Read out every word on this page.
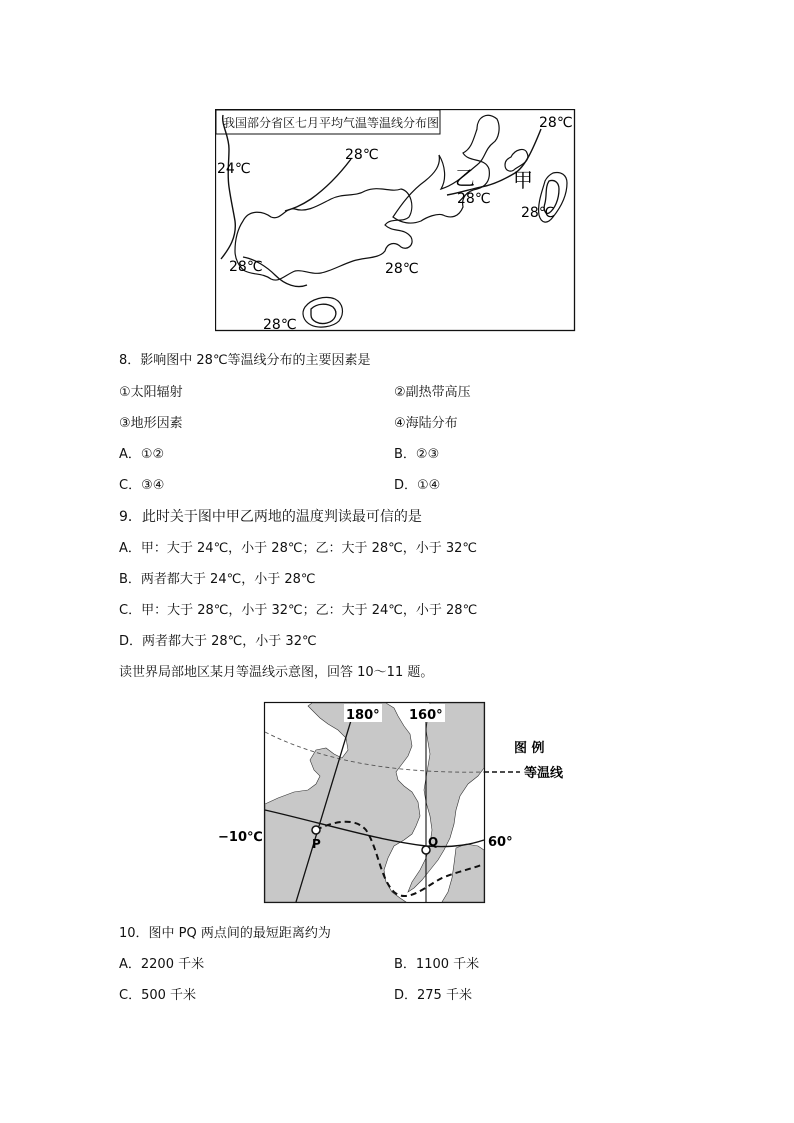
我国部分省区七月平均气温等温线分布图
24℃
28℃
28℃
28℃
28℃
28℃	28℃
28℃
乙 甲
8．影响图中 28℃等温线分布的主要因素是
①太阳辐射	②副热带高压
③地形因素	④海陆分布
A．①②	B．②③
C．③④	D．①④
9．此时关于图中甲乙两地的温度判读最可信的是
A．甲：大于 24℃，小于 28℃；乙：大于 28℃，小于 32℃
B．两者都大于 24℃，小于 28℃
C．甲：大于 28℃，小于 32℃；乙：大于 24℃，小于 28℃
D．两者都大于 28℃，小于 32℃
读世界局部地区某月等温线示意图，回答 10～11 题。
图 例
等温线
P	Q
−10℃	60°
180° 160°
10．图中 PQ 两点间的最短距离约为
A．2200 千米	B．1100 千米
C．500 千米	D．275 千米
